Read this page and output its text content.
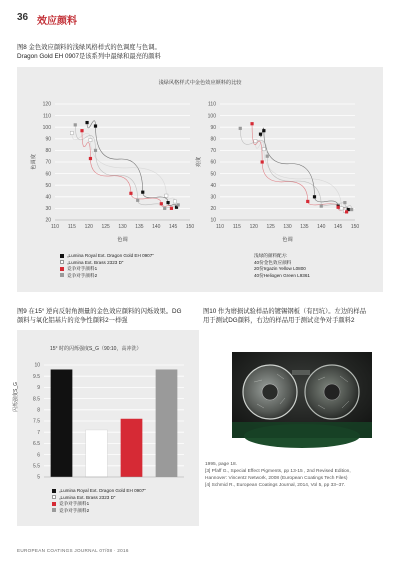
36 效应颜料
图8 金色效应颜料的浅绿风格样式的色调度与色调。
Dragon Gold EH 0907是该系列中最绿和最亮的颜料
浅绿风格样式中金色效应颜料的比较
20
30
40
50
60
70
80
90
100
110
120
110 115 120 125 130 135 140 145 150
色调
色调度
10
20
30
40
50
60
70
80
90
100
110
110 115 120 125 130 135 140 145 150
色调
亮度
„Lumina Royal Ext. Dragon Gold EH 0907“
„Lumina Ext. Brass 2323 D“
竞争对手颜料1
竞争对手颜料2
浅绿的颜料配方:
40份金色效应颜料
20份Irgazin Yellow L0800
40份Heliogen Green L9361
图9 在15° 逆向反射角测量的金色效应颜料的闪烁效果。DG
颜料与氧化铝基片的竞争性颜料2一样强
15° 时的闪烁强度S_G（90:10，高冲洗）
闪烁强度S_G
5
5.5
6
6.5
7
7.5
8
8.5
9
9.5
10
„Lumina Royal Ext. Dragon Gold EH 0907“
„Lumina Ext. Brass 2323 D“
竞争对手颜料1
竞争对手颜料2
图10 作为磨损试验样品的镀锡钢板（有凹坑）。左边的样品
用于测试DG颜料，右边的样品用于测试竞争对手颜料2
1995, page 18.
[3] Pfaff G., Special Effect Pigments, pp 13-15 , 2nd Revised Edition,
Hannover: Vincentz Network, 2008 (European Coatings Tech Files)
[4] Schmid R., European Coatings Journal, 2014, Vol 5, pp 33–37.
EUROPEAN COATINGS JOURNAL 07/08 · 2016
